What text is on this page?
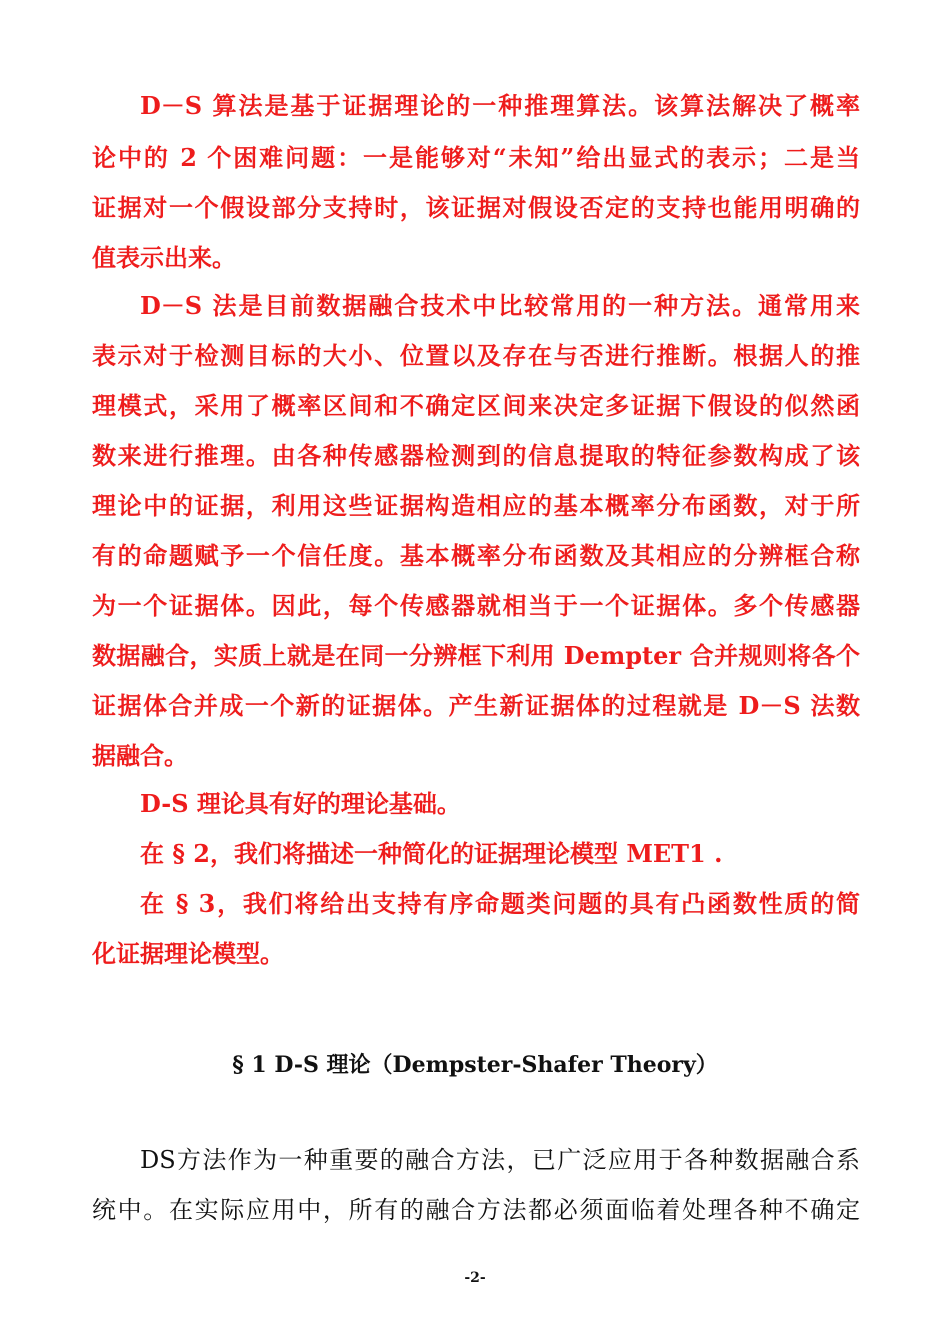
D－S 算法是基于证据理论的一种推理算法。该算法解决了概率
论中的 2 个困难问题：一是能够对“未知”给出显式的表示；二是当
证据对一个假设部分支持时，该证据对假设否定的支持也能用明确的
值表示出来。
D－S 法是目前数据融合技术中比较常用的一种方法。通常用来
表示对于检测目标的大小、位置以及存在与否进行推断。根据人的推
理模式，采用了概率区间和不确定区间来决定多证据下假设的似然函
数来进行推理。由各种传感器检测到的信息提取的特征参数构成了该
理论中的证据，利用这些证据构造相应的基本概率分布函数，对于所
有的命题赋予一个信任度。基本概率分布函数及其相应的分辨框合称
为一个证据体。因此，每个传感器就相当于一个证据体。多个传感器
数据融合，实质上就是在同一分辨框下利用 Dempter 合并规则将各个
证据体合并成一个新的证据体。产生新证据体的过程就是 D－S 法数
据融合。
D-S 理论具有好的理论基础。
在 § 2，我们将描述一种简化的证据理论模型 MET1 .
在 § 3，我们将给出支持有序命题类问题的具有凸函数性质的简
化证据理论模型。
§ 1 D-S 理论（Dempster-Shafer Theory）
DS方法作为一种重要的融合方法，已广泛应用于各种数据融合系
统中。在实际应用中，所有的融合方法都必须面临着处理各种不确定
-2-
